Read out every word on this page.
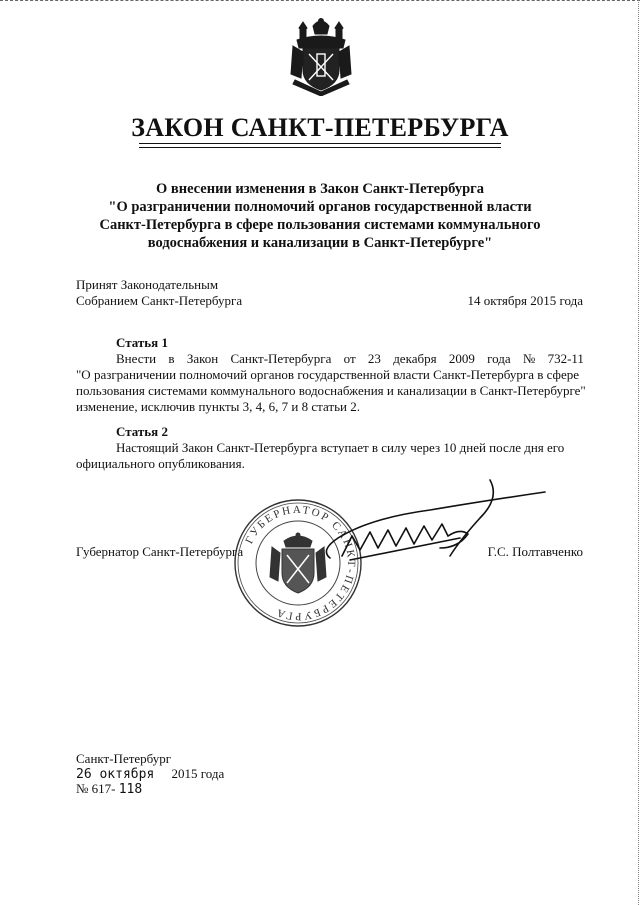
ЗАКОН САНКТ-ПЕТЕРБУРГА
О внесении изменения в Закон Санкт-Петербурга
"О разграничении полномочий органов государственной власти
Санкт-Петербурга в сфере пользования системами коммунального
водоснабжения и канализации в Санкт-Петербурге"
Принят Законодательным
Собранием Санкт-Петербурга	14 октября 2015 года
Статья 1
Внести в Закон Санкт-Петербурга от 23 декабря 2009 года № 732-11
"О разграничении полномочий органов государственной власти Санкт-Петербурга в сфере
пользования системами коммунального водоснабжения и канализации в Санкт-Петербурге"
изменение, исключив пункты 3, 4, 6, 7 и 8 статьи 2.
Статья 2
Настоящий Закон Санкт-Петербурга вступает в силу через 10 дней после дня его
официального опубликования.
Губернатор Санкт-Петербурга	Г.С. Полтавченко
ГУБЕРНАТОР САНКТ-ПЕТЕРБУРГА
Санкт-Петербург
26 октября 2015 года
№ 617- 118
